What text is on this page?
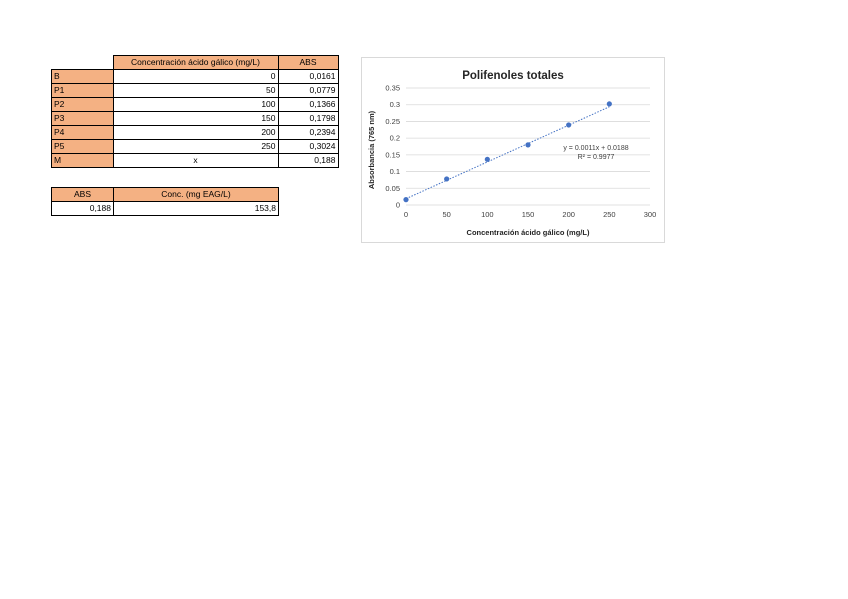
	Concentración ácido gálico (mg/L)	ABS
B	0	0,0161
P1	50	0,0779
P2	100	0,1366
P3	150	0,1798
P4	200	0,2394
P5	250	0,3024
M	x	0,188
ABS	Conc. (mg EAG/L)
0,188	153,8
Polifenoles totales
0
0.05
0.1
0.15
0.2
0.25
0.3
0.35
0	50	100	150	200	250	300
y = 0.0011x + 0.0188
R² = 0.9977
Concentración ácido gálico (mg/L)
Absorbancia (765 nm)
